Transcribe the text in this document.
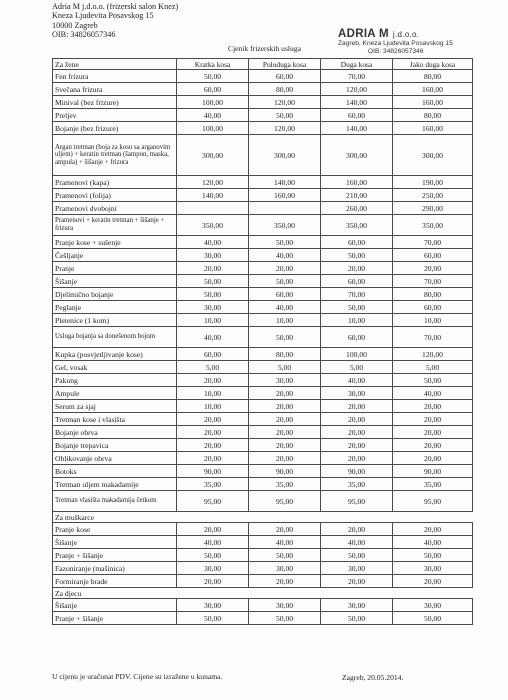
Adria M j.d.o.o. (frizerski salon Knez)
Kneza Ljudevita Posavskog 15
10000 Zagreb
OIB: 34826057346	ADRIA M j.d.o.o.
Zagreb, Kneza Ljudevita Posavskog 15
OIB: 34826057346
Cjenik frizerskih usluga
Za žene	Kratka kosa	Poluduga kosa	Duga kosa	Jako duga kosa
Fen frizura	50,00	60,00	70,00	80,00
Svečana frizura	60,00	80,00	120,00	160,00
Minival (bez frizure)	100,00	120,00	140,00	160,00
Preljev	40,00	50,00	60,00	80,00
Bojanje (bez frizure)	100,00	120,00	140,00	160,00
Argan tretman (boja za kosu sa arganovim uljem) + keratin tretman (šampon, maska, ampula) + šišanje + frizura	300,00	300,00	300,00	300,00
Pramenovi (kapa)	120,00	140,00	160,00	190,00
Pramenovi (folija)	140,00	160,00	210,00	250,00
Pramenovi dvobojni			260,00	290,00
Pramenovi + keratin tretman + šišanje + frizura	350,00	350,00	350,00	350,00
Pranje kose + sušenje	40,00	50,00	60,00	70,00
Češljanje	30,00	40,00	50,00	60,00
Pranje	20,00	20,00	20,00	20,00
Šišanje	50,00	50,00	60,00	70,00
Djelimično bojanje	50,00	60,00	70,00	80,00
Peglanje	30,00	40,00	50,00	60,00
Pletenice (1 kom)	10,00	10,00	10,00	10,00
Usluga bojanja sa donešenom bojom	40,00	50,00	60,00	70,00
Kupka (posvjetljivanje kose)	60,00	80,00	100,00	120,00
Gel, vosak	5,00	5,00	5,00	5,00
Pakung	20,00	30,00	40,00	50,00
Ampule	10,00	20,00	30,00	40,00
Serum za sjaj	10,00	20,00	20,00	20,00
Tretman kose i vlasišta	20,00	20,00	20,00	20,00
Bojanje obrva	20,00	20,00	20,00	20,00
Bojanje trepavica	20,00	20,00	20,00	20,00
Oblikovanje obrva	20,00	20,00	20,00	20,00
Botoks	90,00	90,00	90,00	90,00
Tretman uljem makadamije	35,00	35,00	35,00	35,00
Tretman vlasišta makadamija četkom	95,00	95,00	95,00	95,00
Za muškarce				
Pranje kose	20,00	20,00	20,00	20,00
Šišanje	40,00	40,00	40,00	40,00
Pranje + šišanje	50,00	50,00	50,00	50,00
Fazoniranje (mašinica)	30,00	30,00	30,00	30,00
Formiranje brade	20,00	20,00	20,00	20,00
Za djecu				
Šišanje	30,00	30,00	30,00	30,00
Pranje + šišanje	50,00	50,00	50,00	50,00
U cijenu je uračunat PDV. Cijene su izražene u kunama.	Zagreb, 20.05.2014.
